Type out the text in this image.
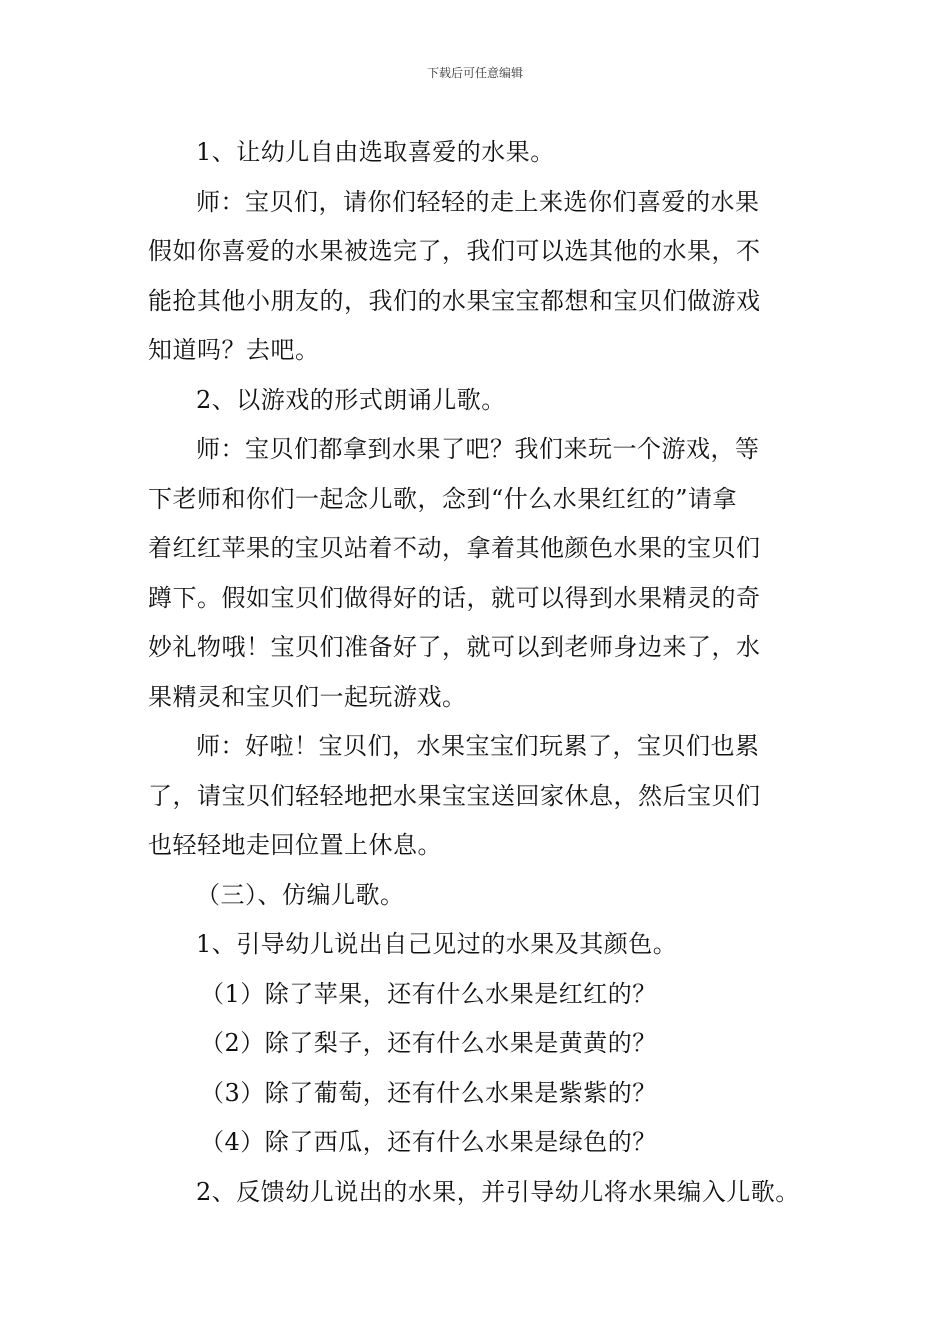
下载后可任意编辑
1、让幼儿自由选取喜爱的水果。
师：宝贝们，请你们轻轻的走上来选你们喜爱的水果
假如你喜爱的水果被选完了，我们可以选其他的水果，不
能抢其他小朋友的，我们的水果宝宝都想和宝贝们做游戏
知道吗？去吧。
2、以游戏的形式朗诵儿歌。
师：宝贝们都拿到水果了吧？我们来玩一个游戏，等
下老师和你们一起念儿歌，念到“什么水果红红的”请拿
着红红苹果的宝贝站着不动，拿着其他颜色水果的宝贝们
蹲下。假如宝贝们做得好的话，就可以得到水果精灵的奇
妙礼物哦！宝贝们准备好了，就可以到老师身边来了，水
果精灵和宝贝们一起玩游戏。
师：好啦！宝贝们，水果宝宝们玩累了，宝贝们也累
了，请宝贝们轻轻地把水果宝宝送回家休息，然后宝贝们
也轻轻地走回位置上休息。
（三）、仿编儿歌。
1、引导幼儿说出自己见过的水果及其颜色。
（1）除了苹果，还有什么水果是红红的？
（2）除了梨子，还有什么水果是黄黄的？
（3）除了葡萄，还有什么水果是紫紫的？
（4）除了西瓜，还有什么水果是绿色的？
2、反馈幼儿说出的水果，并引导幼儿将水果编入儿歌。
